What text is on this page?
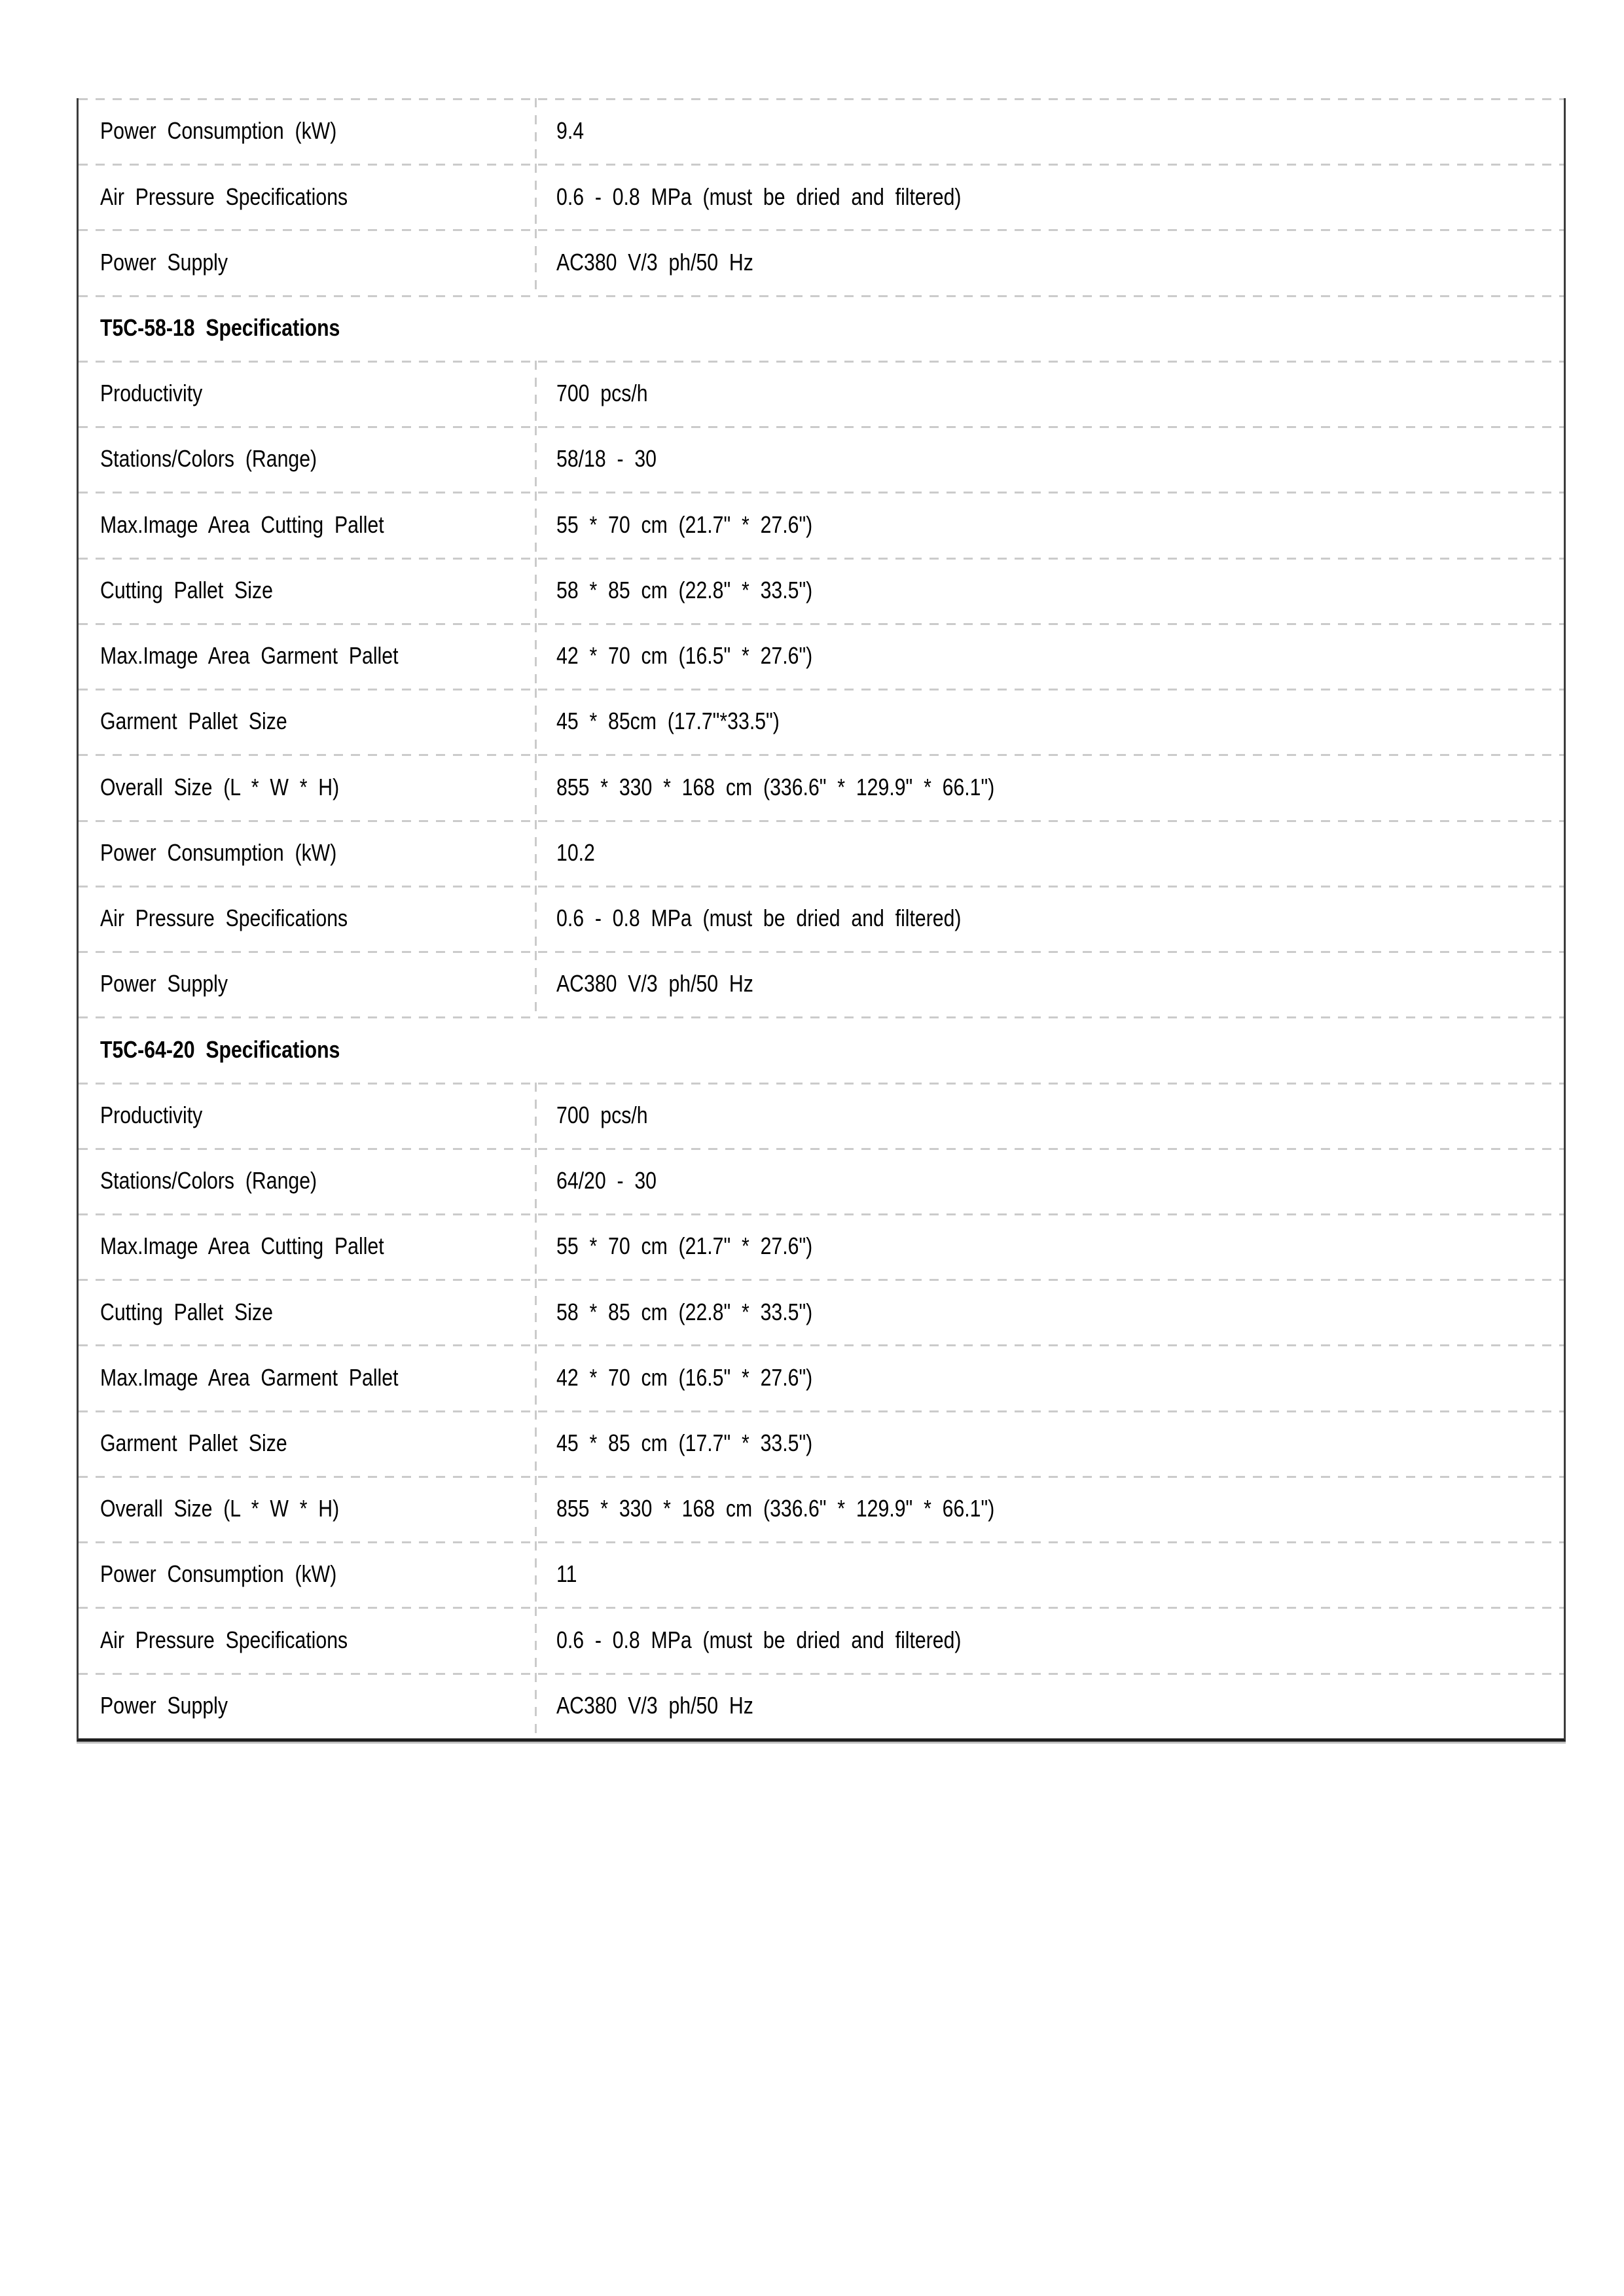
Power Consumption (kW)	9.4
Air Pressure Specifications	0.6 - 0.8 MPa (must be dried and filtered)
Power Supply	AC380 V/3 ph/50 Hz
T5C-58-18 Specifications
Productivity	700 pcs/h
Stations/Colors (Range)	58/18 - 30
Max.Image Area Cutting Pallet	55 * 70 cm (21.7" * 27.6")
Cutting Pallet Size	58 * 85 cm (22.8" * 33.5")
Max.Image Area Garment Pallet	42 * 70 cm (16.5" * 27.6")
Garment Pallet Size	45 * 85cm (17.7"*33.5")
Overall Size (L * W * H)	855 * 330 * 168 cm (336.6" * 129.9" * 66.1")
Power Consumption (kW)	10.2
Air Pressure Specifications	0.6 - 0.8 MPa (must be dried and filtered)
Power Supply	AC380 V/3 ph/50 Hz
T5C-64-20 Specifications
Productivity	700 pcs/h
Stations/Colors (Range)	64/20 - 30
Max.Image Area Cutting Pallet	55 * 70 cm (21.7" * 27.6")
Cutting Pallet Size	58 * 85 cm (22.8" * 33.5")
Max.Image Area Garment Pallet	42 * 70 cm (16.5" * 27.6")
Garment Pallet Size	45 * 85 cm (17.7" * 33.5")
Overall Size (L * W * H)	855 * 330 * 168 cm (336.6" * 129.9" * 66.1")
Power Consumption (kW)	11
Air Pressure Specifications	0.6 - 0.8 MPa (must be dried and filtered)
Power Supply	AC380 V/3 ph/50 Hz
